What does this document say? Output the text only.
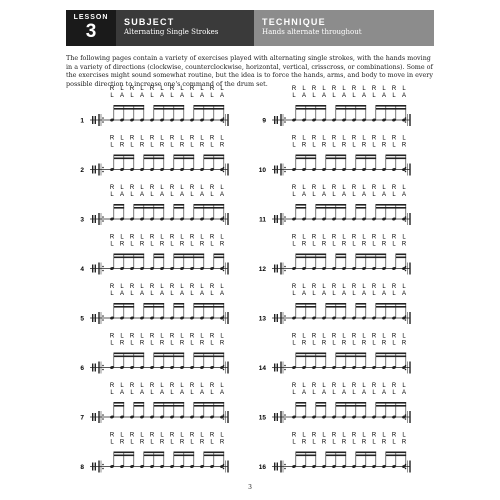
LESSON
3	SUBJECT
Alternating Single Strokes
TECHNIQUE
Hands alternate throughout

The following pages contain a variety of exercises played with alternating single strokes, with the hands moving in a variety of directions (clockwise, counterclockwise, horizontal, vertical, crisscross, or combinations). Some of the exercises might sound somewhat routine, but the idea is to force the hands, arms, and body to move in every possible direction to increase one's command of the drum set.

R
L
L
A
R
L
L
A
R
L
L
A
R
L
L
A
R
L
L
A
R
L
L
A
1
R
L
L
R
R
L
L
R
R
L
L
R
R
L
L
R
R
L
L
R
R
L
L
R
2
R
L
L
A
R
L
L
A
R
L
L
A
R
L
L
A
R
L
L
A
R
L
L
A
3
R
L
L
R
R
L
L
R
R
L
L
R
R
L
L
R
R
L
L
R
R
L
L
R
4
R
L
L
A
R
L
L
A
R
L
L
A
R
L
L
A
R
L
L
A
R
L
L
A
5
R
L
L
R
R
L
L
R
R
L
L
R
R
L
L
R
R
L
L
R
R
L
L
R
6
R
L
L
A
R
L
L
A
R
L
L
A
R
L
L
A
R
L
L
A
R
L
L
A
7
R
L
L
R
R
L
L
R
R
L
L
R
R
L
L
R
R
L
L
R
R
L
L
R
8
R
L
L
A
R
L
L
A
R
L
L
A
R
L
L
A
R
L
L
A
R
L
L
A
9
R
L
L
R
R
L
L
R
R
L
L
R
R
L
L
R
R
L
L
R
R
L
L
R
10
R
L
L
A
R
L
L
A
R
L
L
A
R
L
L
A
R
L
L
A
R
L
L
A
11
R
L
L
R
R
L
L
R
R
L
L
R
R
L
L
R
R
L
L
R
R
L
L
R
12
R
L
L
A
R
L
L
A
R
L
L
A
R
L
L
A
R
L
L
A
R
L
L
A
13
R
L
L
R
R
L
L
R
R
L
L
R
R
L
L
R
R
L
L
R
R
L
L
R
14
R
L
L
A
R
L
L
A
R
L
L
A
R
L
L
A
R
L
L
A
R
L
L
A
15
R
L
L
R
R
L
L
R
R
L
L
R
R
L
L
R
R
L
L
R
R
L
L
R
16
3
